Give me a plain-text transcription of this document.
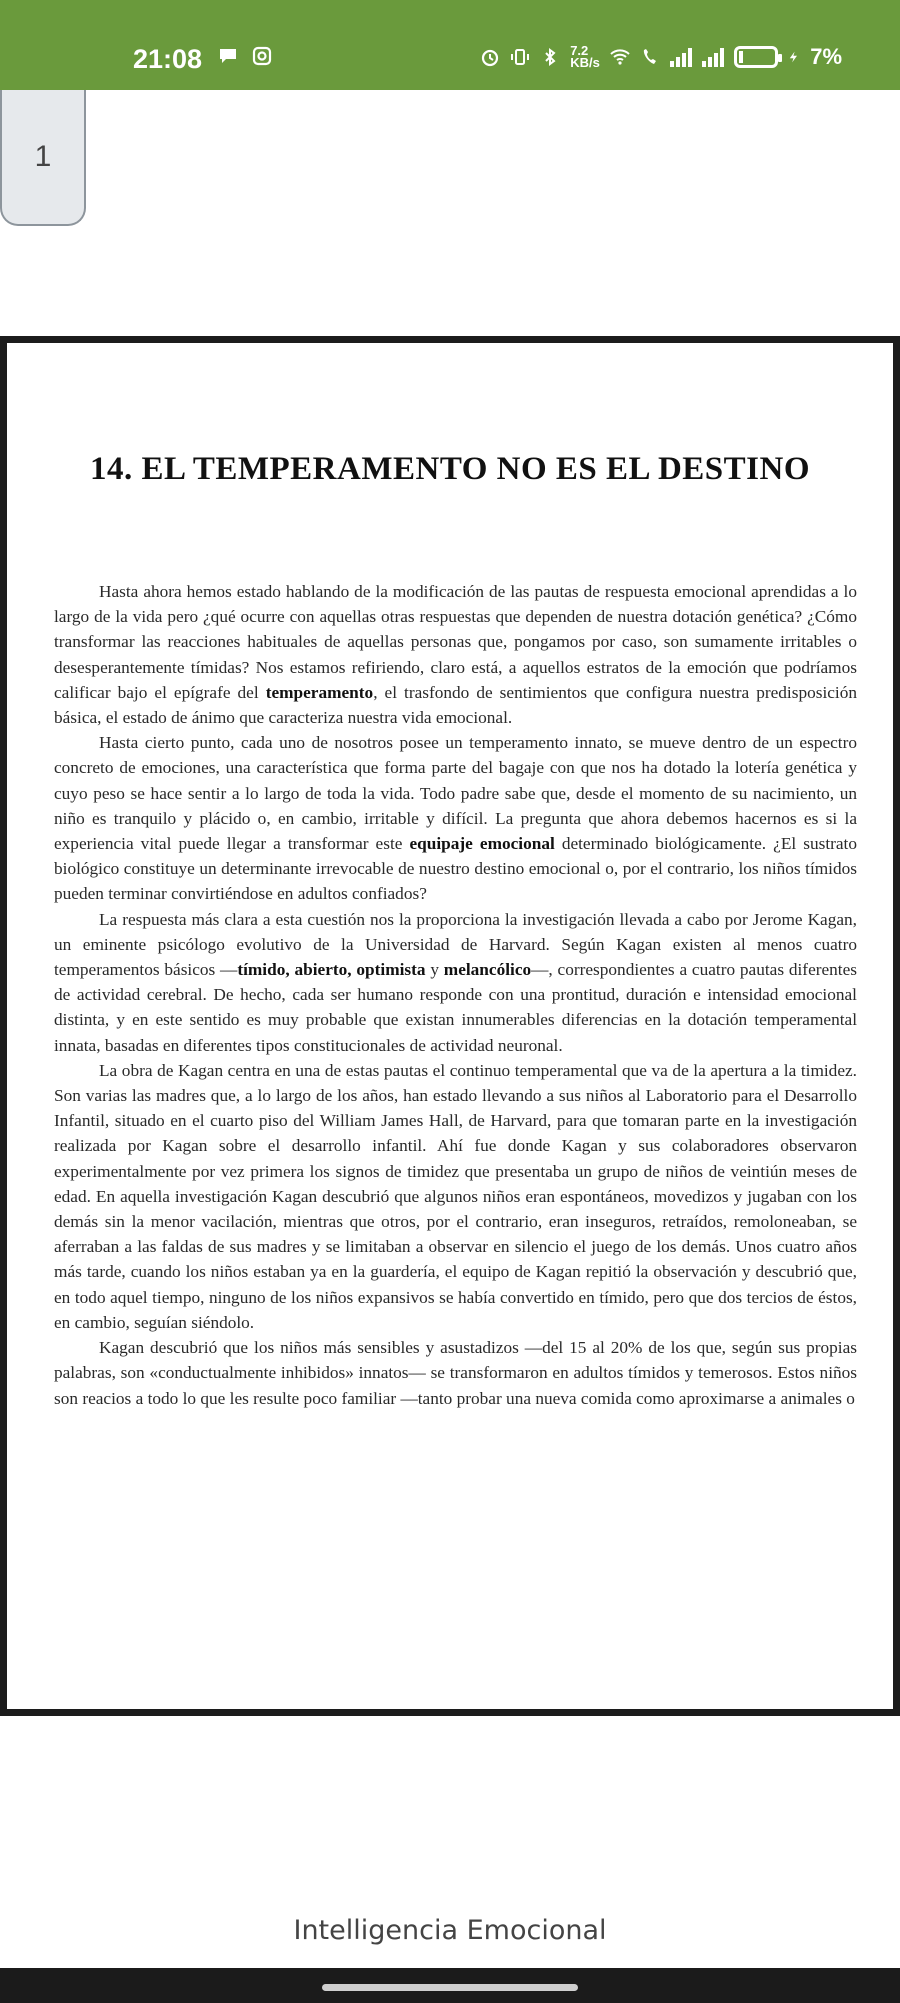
21:08	7.2 KB/s	7%
1
14. EL TEMPERAMENTO NO ES EL DESTINO

Hasta ahora hemos estado hablando de la modificación de las pautas de respuesta emocional aprendidas a lo largo de la vida pero ¿qué ocurre con aquellas otras respuestas que dependen de nuestra dotación genética? ¿Cómo transformar las reacciones habituales de aquellas personas que, pongamos por caso, son sumamente irritables o desesperantemente tímidas? Nos estamos refiriendo, claro está, a aquellos estratos de la emoción que podríamos calificar bajo el epígrafe del temperamento, el trasfondo de sentimientos que configura nuestra predisposición básica, el estado de ánimo que caracteriza nuestra vida emocional.

Hasta cierto punto, cada uno de nosotros posee un temperamento innato, se mueve dentro de un espectro concreto de emociones, una característica que forma parte del bagaje con que nos ha dotado la lotería genética y cuyo peso se hace sentir a lo largo de toda la vida. Todo padre sabe que, desde el momento de su nacimiento, un niño es tranquilo y plácido o, en cambio, irritable y difícil. La pregunta que ahora debemos hacernos es si la experiencia vital puede llegar a transformar este equipaje emocional determinado biológicamente. ¿El sustrato biológico constituye un determinante irrevocable de nuestro destino emocional o, por el contrario, los niños tímidos pueden terminar convirtiéndose en adultos confiados?

La respuesta más clara a esta cuestión nos la proporciona la investigación llevada a cabo por Jerome Kagan, un eminente psicólogo evolutivo de la Universidad de Harvard. Según Kagan existen al menos cuatro temperamentos básicos —tímido, abierto, optimista y melancólico—, correspondientes a cuatro pautas diferentes de actividad cerebral. De hecho, cada ser humano responde con una prontitud, duración e intensidad emocional distinta, y en este sentido es muy probable que existan innumerables diferencias en la dotación temperamental innata, basadas en diferentes tipos constitucionales de actividad neuronal.

La obra de Kagan centra en una de estas pautas el continuo temperamental que va de la apertura a la timidez. Son varias las madres que, a lo largo de los años, han estado llevando a sus niños al Laboratorio para el Desarrollo Infantil, situado en el cuarto piso del William James Hall, de Harvard, para que tomaran parte en la investigación realizada por Kagan sobre el desarrollo infantil. Ahí fue donde Kagan y sus colaboradores observaron experimentalmente por vez primera los signos de timidez que presentaba un grupo de niños de veintiún meses de edad. En aquella investigación Kagan descubrió que algunos niños eran espontáneos, movedizos y jugaban con los demás sin la menor vacilación, mientras que otros, por el contrario, eran inseguros, retraídos, remoloneaban, se aferraban a las faldas de sus madres y se limitaban a observar en silencio el juego de los demás. Unos cuatro años más tarde, cuando los niños estaban ya en la guardería, el equipo de Kagan repitió la observación y descubrió que, en todo aquel tiempo, ninguno de los niños expansivos se había convertido en tímido, pero que dos tercios de éstos, en cambio, seguían siéndolo.

Kagan descubrió que los niños más sensibles y asustadizos —del 15 al 20% de los que, según sus propias palabras, son «conductualmente inhibidos» innatos— se transformaron en adultos tímidos y temerosos. Estos niños son reacios a todo lo que les resulte poco familiar —tanto probar una nueva comida como aproximarse a animales o

Intelligencia Emocional
